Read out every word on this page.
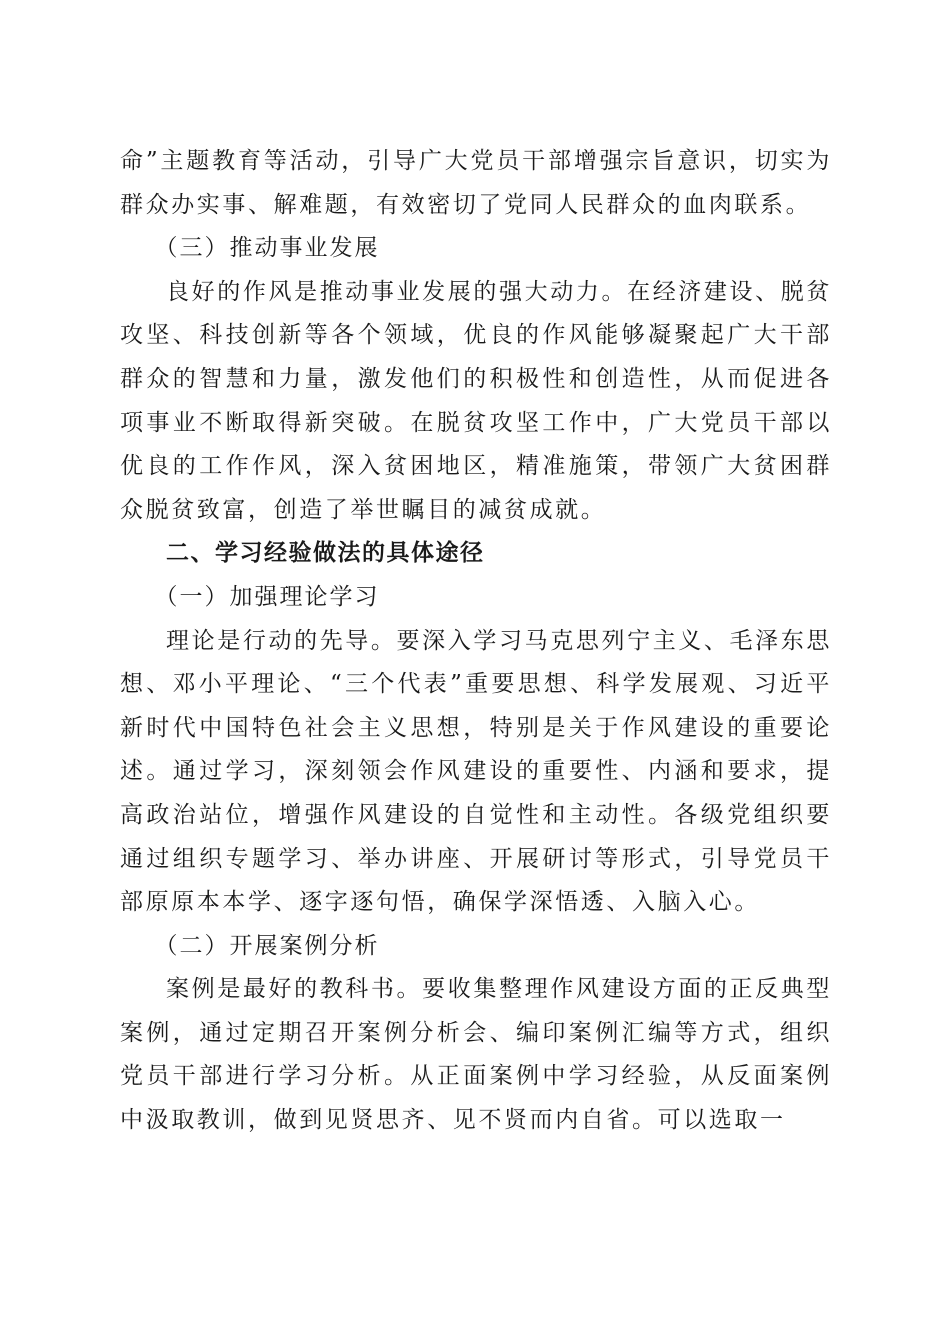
命”主题教育等活动，引导广大党员干部增强宗旨意识，切实为群众办实事、解难题，有效密切了党同人民群众的血肉联系。

（三）推动事业发展

良好的作风是推动事业发展的强大动力。在经济建设、脱贫攻坚、科技创新等各个领域，优良的作风能够凝聚起广大干部群众的智慧和力量，激发他们的积极性和创造性，从而促进各项事业不断取得新突破。在脱贫攻坚工作中，广大党员干部以优良的工作作风，深入贫困地区，精准施策，带领广大贫困群众脱贫致富，创造了举世瞩目的减贫成就。

二、学习经验做法的具体途径

（一）加强理论学习

理论是行动的先导。要深入学习马克思列宁主义、毛泽东思想、邓小平理论、“三个代表”重要思想、科学发展观、习近平新时代中国特色社会主义思想，特别是关于作风建设的重要论述。通过学习，深刻领会作风建设的重要性、内涵和要求，提高政治站位，增强作风建设的自觉性和主动性。各级党组织要通过组织专题学习、举办讲座、开展研讨等形式，引导党员干部原原本本学、逐字逐句悟，确保学深悟透、入脑入心。

（二）开展案例分析

案例是最好的教科书。要收集整理作风建设方面的正反典型案例，通过定期召开案例分析会、编印案例汇编等方式，组织党员干部进行学习分析。从正面案例中学习经验，从反面案例中汲取教训，做到见贤思齐、见不贤而内自省。可以选取一
